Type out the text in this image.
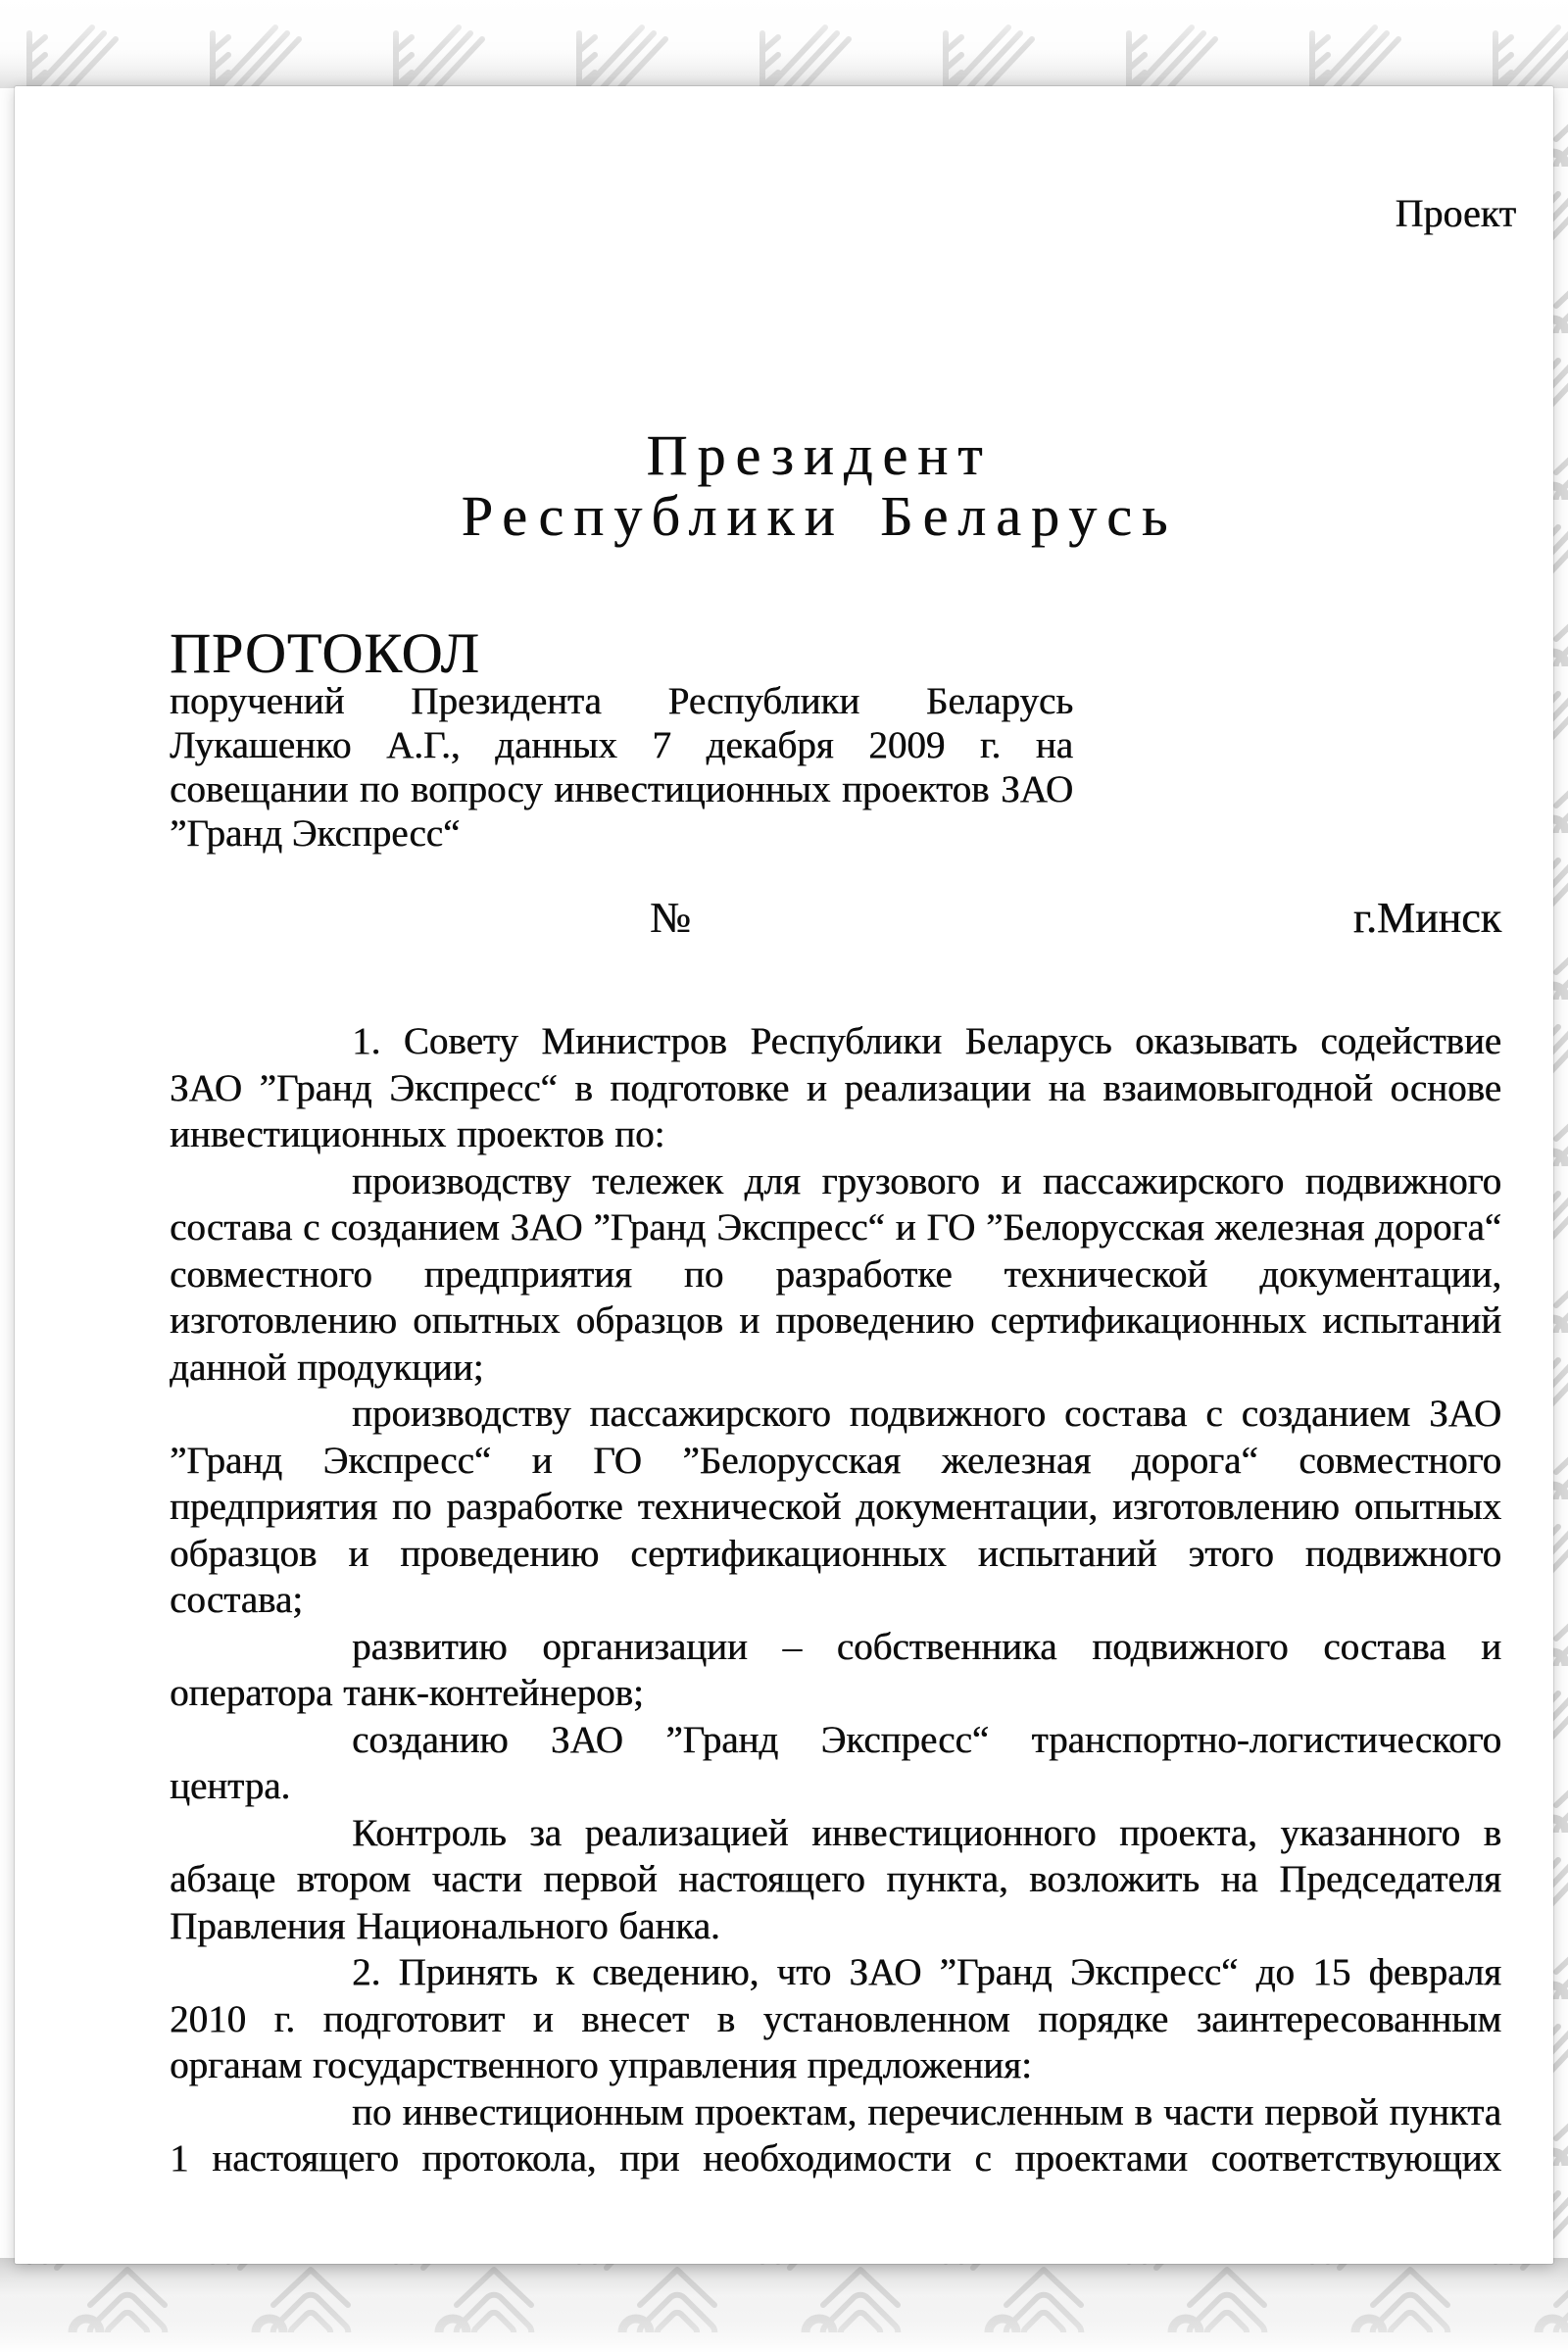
Проект
Президент
Республики Беларусь
ПРОТОКОЛ
поручений Президента Республики Беларусь Лукашенко А.Г., данных 7 декабря 2009 г. на совещании по вопросу инвестиционных проектов ЗАО ”Гранд Экспресс“
№	г.Минск

1. Совету Министров Республики Беларусь оказывать содействие ЗАО ”Гранд Экспресс“ в подготовке и реализации на взаимовыгодной основе инвестиционных проектов по:

производству тележек для грузового и пассажирского подвижного состава с созданием ЗАО ”Гранд Экспресс“ и ГО ”Белорусская железная дорога“ совместного предприятия по разработке технической документации, изготовлению опытных образцов и проведению сертификационных испытаний данной продукции;

производству пассажирского подвижного состава с созданием ЗАО ”Гранд Экспресс“ и ГО ”Белорусская железная дорога“ совместного предприятия по разработке технической документации, изготовлению опытных образцов и проведению сертификационных испытаний этого подвижного состава;

развитию организации – собственника подвижного состава и оператора танк-контейнеров;

созданию ЗАО ”Гранд Экспресс“ транспортно-логистического центра.

Контроль за реализацией инвестиционного проекта, указанного в абзаце втором части первой настоящего пункта, возложить на Председателя Правления Национального банка.

2. Принять к сведению, что ЗАО ”Гранд Экспресс“ до 15 февраля 2010 г. подготовит и внесет в установленном порядке заинтересованным органам государственного управления предложения:

по инвестиционным проектам, перечисленным в части первой пункта 1 настоящего протокола, при необходимости с проектами соответствующих
